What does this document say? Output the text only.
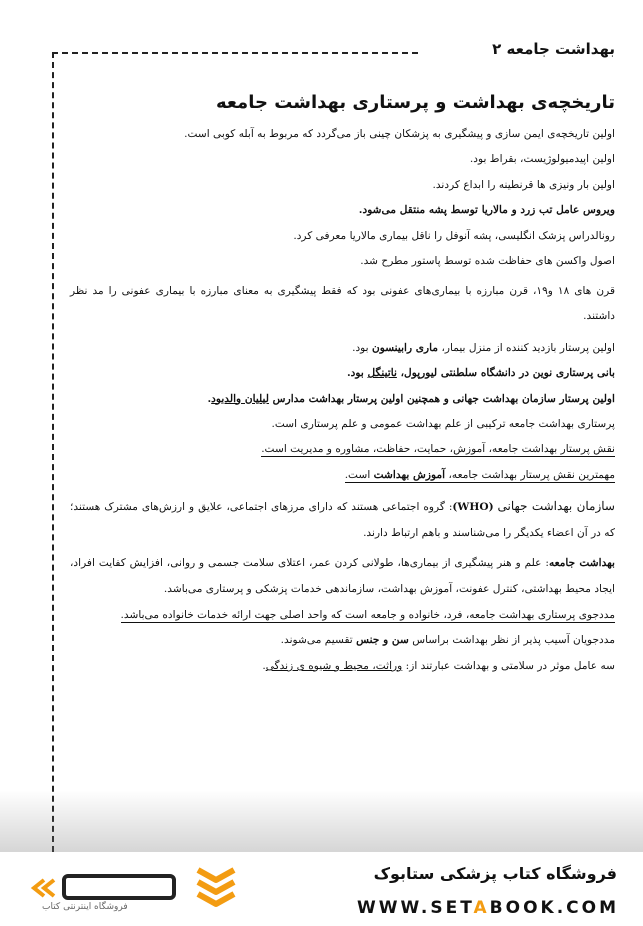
بهداشت جامعه ۲
تاریخچه‌ی بهداشت و پرستاری بهداشت جامعه
اولین تاریخچه‌ی ایمن سازی و پیشگیری به پزشکان چینی باز می‌گردد که مربوط به آبله کوبی است.
اولین اپیدمیولوژیست، بقراط بود.
اولین بار ونیزی ها قرنطینه را ابداع کردند.
ویروس عامل تب زرد و مالاریا توسط پشه منتقل می‌شود.
رونالدراس پزشک انگلیسی، پشه آنوفل را ناقل بیماری مالاریا معرفی کرد.
اصول واکسن های حفاظت شده توسط پاستور مطرح شد.
قرن های ۱۸ و۱۹، قرن مبارزه با بیماری‌های عفونی بود که فقط پیشگیری به معنای مبارزه با بیماری عفونی را مد نظر داشتند.
اولین پرستار بازدید کننده از منزل بیمار، ماری رابینسون بود.
بانی پرستاری نوین در دانشگاه سلطنتی لیورپول، ناتینگل بود.
اولین پرستار سازمان بهداشت جهانی و همچنین اولین پرستار بهداشت مدارس لیلیان والدبود.
پرستاری بهداشت جامعه ترکیبی از علم بهداشت عمومی و علم پرستاری است.
نقش پرستار بهداشت جامعه، آموزش، حمایت، حفاظت، مشاوره و مدیریت است.
مهمترین نقش پرستار بهداشت جامعه، آموزش بهداشت است.
سازمان بهداشت جهانی (WHO): گروه اجتماعی هستند که دارای مرزهای اجتماعی، علایق و ارزش‌های مشترک هستند؛ که در آن اعضاء یکدیگر را می‌شناسند و باهم ارتباط دارند.
بهداشت جامعه: علم و هنر پیشگیری از بیماری‌ها، طولانی کردن عمر، اعتلای سلامت جسمی و روانی، افزایش کفایت افراد، ایجاد محیط بهداشتی، کنترل عفونت، آموزش بهداشت، سازماندهی خدمات پزشکی و پرستاری می‌باشد.
مددجوی پرستاری بهداشت جامعه، فرد، خانواده و جامعه است که واحد اصلی جهت ارائه خدمات خانواده می‌باشد.
مددجویان آسیب پذیر از نظر بهداشت براساس سن و جنس تقسیم می‌شوند.
سه عامل موثر در سلامتی و بهداشت عبارتند از: وراثت، محیط و شیوه ی زندگی.
فروشگاه اینترنتی کتاب
فروشگاه کتاب پزشکی ستابوک
WWW.SETABOOK.COM
